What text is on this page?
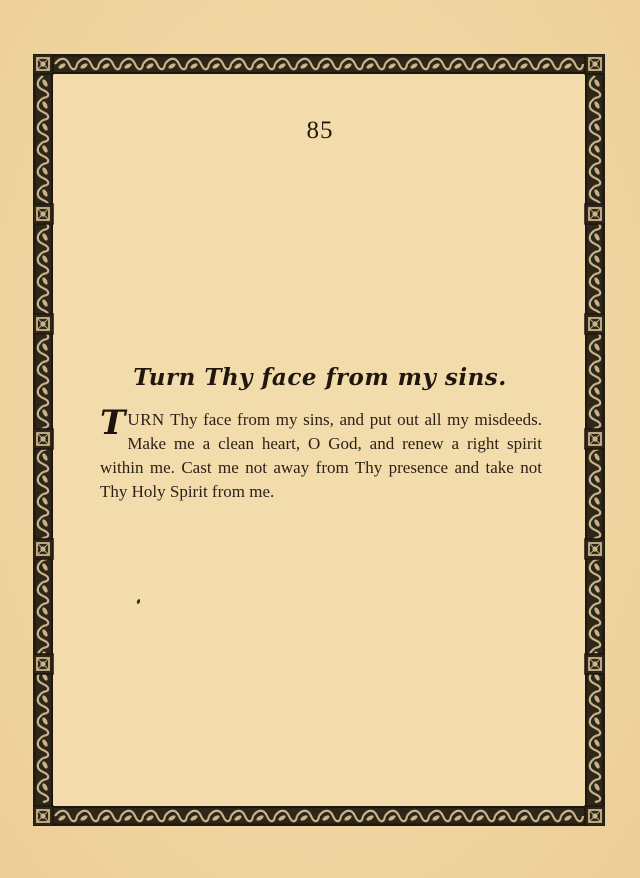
85
Turn Thy face from my sins.
TURN Thy face from my sins, and put out all my misdeeds. Make me a clean heart, O God, and renew a right spirit within me. Cast me not away from Thy presence and take not Thy Holy Spirit from me.
